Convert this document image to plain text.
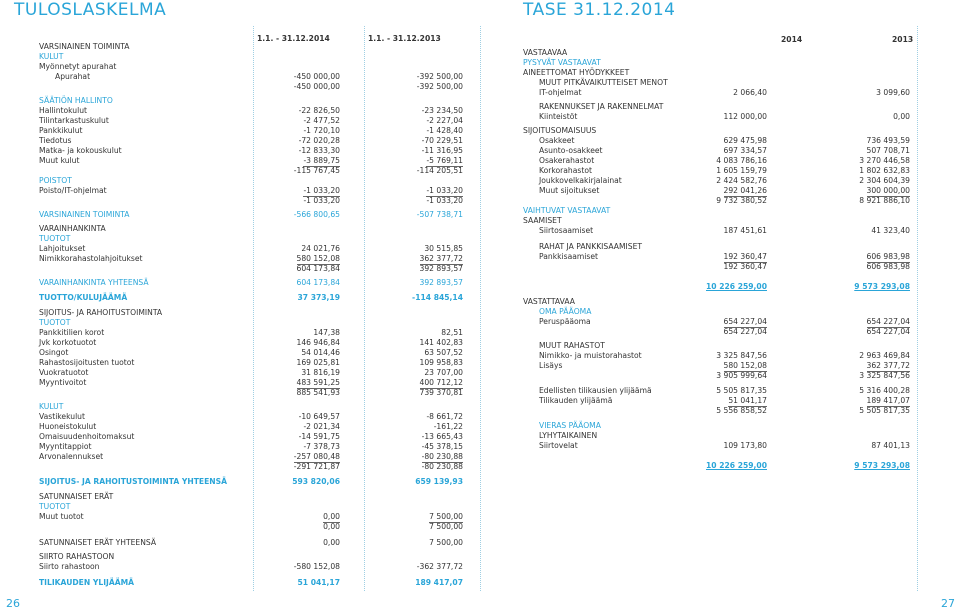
TULOSLASKELMA	TASE 31.12.2014
1.1. - 31.12.2014	1.1. - 31.12.2013
VARSINAINEN TOIMINTA
KULUT
Myönnetyt apurahat
Apurahat	-450 000,00	-392 500,00
-450 000,00	-392 500,00
SÄÄTIÖN HALLINTO
Hallintokulut	-22 826,50	-23 234,50
Tilintarkastuskulut	-2 477,52	-2 227,04
Pankkikulut	-1 720,10	-1 428,40
Tiedotus	-72 020,28	-70 229,51
Matka- ja kokouskulut	-12 833,30	-11 316,95
Muut kulut	-3 889,75	-5 769,11
-115 767,45	-114 205,51
POISTOT
Poisto/IT-ohjelmat	-1 033,20	-1 033,20
-1 033,20	-1 033,20
VARSINAINEN TOIMINTA	-566 800,65	-507 738,71
VARAINHANKINTA
TUOTOT
Lahjoitukset	24 021,76	30 515,85
Nimikkorahastolahjoitukset	580 152,08	362 377,72
604 173,84	392 893,57
VARAINHANKINTA YHTEENSÄ	604 173,84	392 893,57
TUOTTO/KULUJÄÄMÄ	37 373,19	-114 845,14
SIJOITUS- JA RAHOITUSTOIMINTA
TUOTOT
Pankkitilien korot	147,38	82,51
Jvk korkotuotot	146 946,84	141 402,83
Osingot	54 014,46	63 507,52
Rahastosijoitusten tuotot	169 025,81	109 958,83
Vuokratuotot	31 816,19	23 707,00
Myyntivoitot	483 591,25	400 712,12
885 541,93	739 370,81
KULUT
Vastikekulut	-10 649,57	-8 661,72
Huoneistokulut	-2 021,34	-161,22
Omaisuudenhoitomaksut	-14 591,75	-13 665,43
Myyntitappiot	-7 378,73	-45 378,15
Arvonalennukset	-257 080,48	-80 230,88
-291 721,87	-80 230,88
SIJOITUS- JA RAHOITUSTOIMINTA YHTEENSÄ	593 820,06	659 139,93
SATUNNAISET ERÄT
TUOTOT
Muut tuotot	0,00	7 500,00
0,00	7 500,00
SATUNNAISET ERÄT YHTEENSÄ	0,00	7 500,00
SIIRTO RAHASTOON
Siirto rahastoon	-580 152,08	-362 377,72
TILIKAUDEN YLIJÄÄMÄ	51 041,17	189 417,07
2014	2013
VASTAAVAA
PYSYVÄT VASTAAVAT
AINEETTOMAT HYÖDYKKEET
MUUT PITKÄVAIKUTTEISET MENOT
IT-ohjelmat	2 066,40	3 099,60
RAKENNUKSET JA RAKENNELMAT
Kiinteistöt	112 000,00	0,00
SIJOITUSOMAISUUS
Osakkeet	629 475,98	736 493,59
Asunto-osakkeet	697 334,57	507 708,71
Osakerahastot	4 083 786,16	3 270 446,58
Korkorahastot	1 605 159,79	1 802 632,83
Joukkovelkakirjalainat	2 424 582,76	2 304 604,39
Muut sijoitukset	292 041,26	300 000,00
9 732 380,52	8 921 886,10
VAIHTUVAT VASTAAVAT
SAAMISET
Siirtosaamiset	187 451,61	41 323,40
RAHAT JA PANKKISAAMISET
Pankkisaamiset	192 360,47	606 983,98
192 360,47	606 983,98
10 226 259,00	9 573 293,08
VASTATTAVAA
OMA PÄÄOMA
Peruspääoma	654 227,04	654 227,04
654 227,04	654 227,04
MUUT RAHASTOT
Nimikko- ja muistorahastot	3 325 847,56	2 963 469,84
Lisäys	580 152,08	362 377,72
3 905 999,64	3 325 847,56
Edellisten tilikausien ylijäämä	5 505 817,35	5 316 400,28
Tilikauden ylijäämä	51 041,17	189 417,07
5 556 858,52	5 505 817,35
VIERAS PÄÄOMA
LYHYTAIKAINEN
Siirtovelat	109 173,80	87 401,13
10 226 259,00	9 573 293,08
26	27
